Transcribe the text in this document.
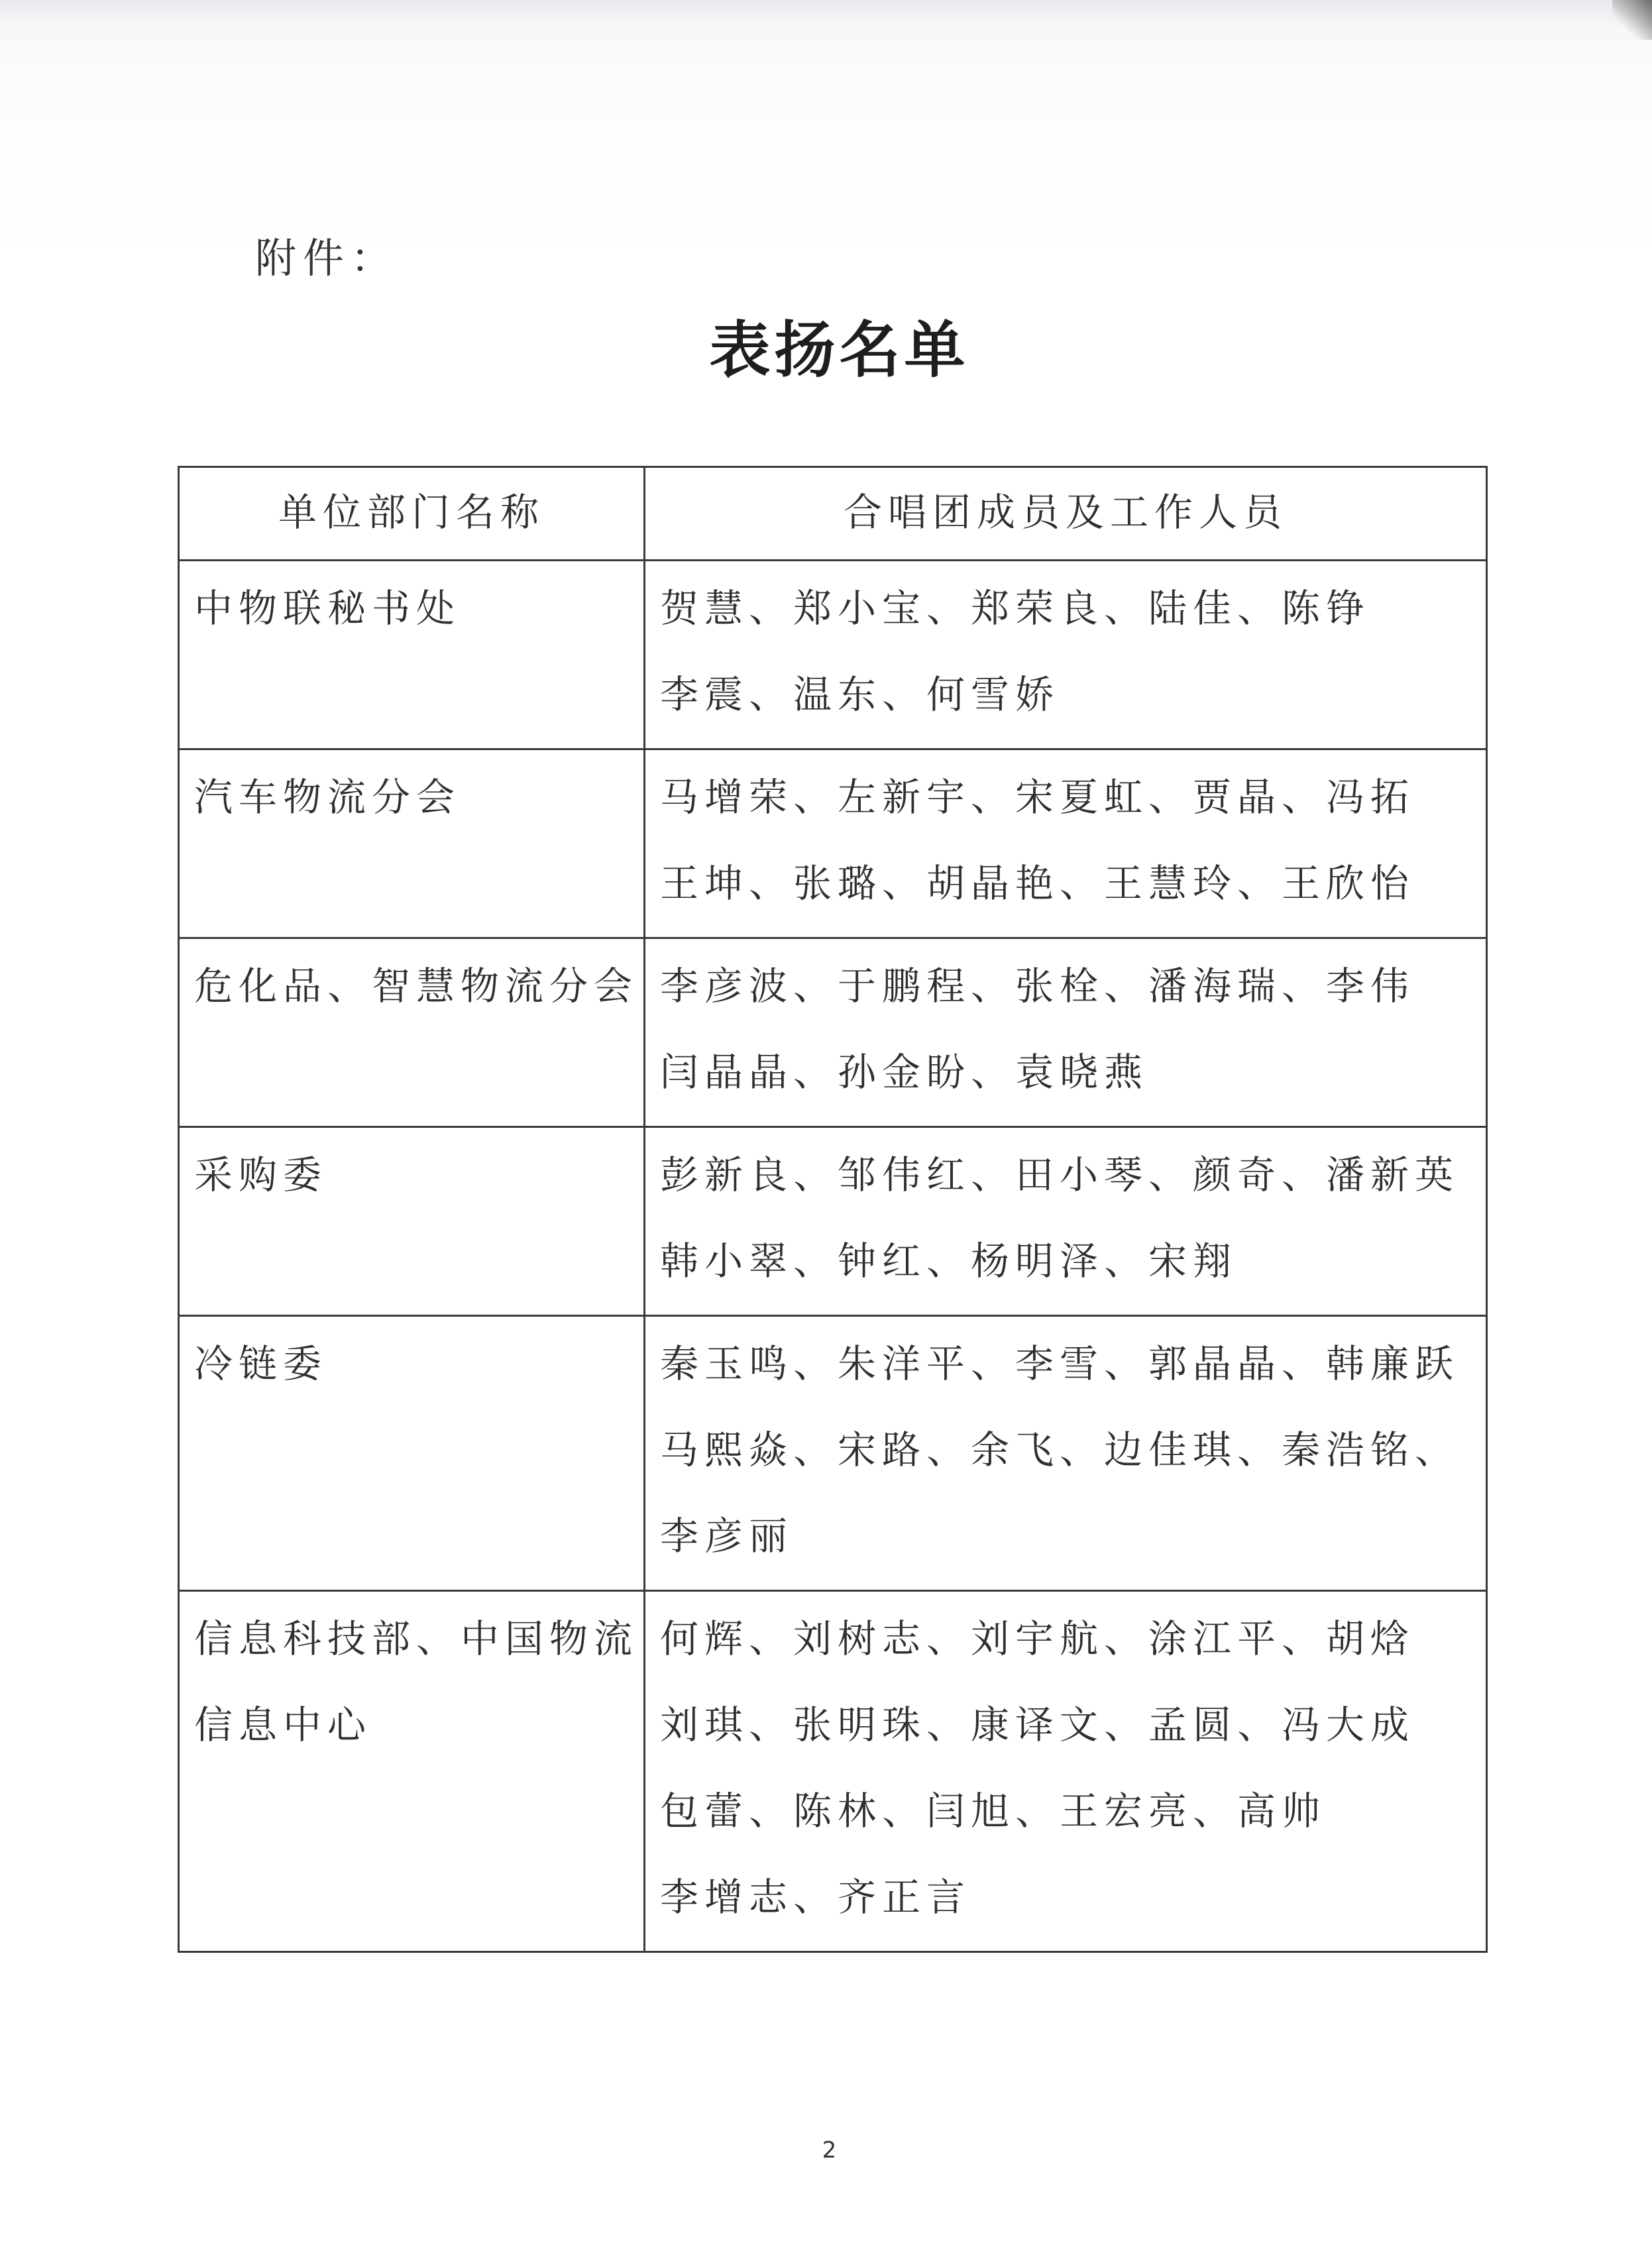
附件：
表扬名单
单位部门名称	合唱团成员及工作人员

中物联秘书处	贺慧、郑小宝、郑荣良、陆佳、陈铮
李震、温东、何雪娇

汽车物流分会	马增荣、左新宇、宋夏虹、贾晶、冯拓
王坤、张璐、胡晶艳、王慧玲、王欣怡

危化品、智慧物流分会	李彦波、于鹏程、张栓、潘海瑞、李伟
闫晶晶、孙金盼、袁晓燕

采购委	彭新良、邹伟红、田小琴、颜奇、潘新英
韩小翠、钟红、杨明泽、宋翔

冷链委	秦玉鸣、朱洋平、李雪、郭晶晶、韩廉跃
马熙焱、宋路、余飞、边佳琪、秦浩铭、
李彦丽

信息科技部、中国物流
信息中心	何辉、刘树志、刘宇航、涂江平、胡焓
刘琪、张明珠、康译文、孟圆、冯大成
包蕾、陈林、闫旭、王宏亮、高帅
李增志、齐正言
2
